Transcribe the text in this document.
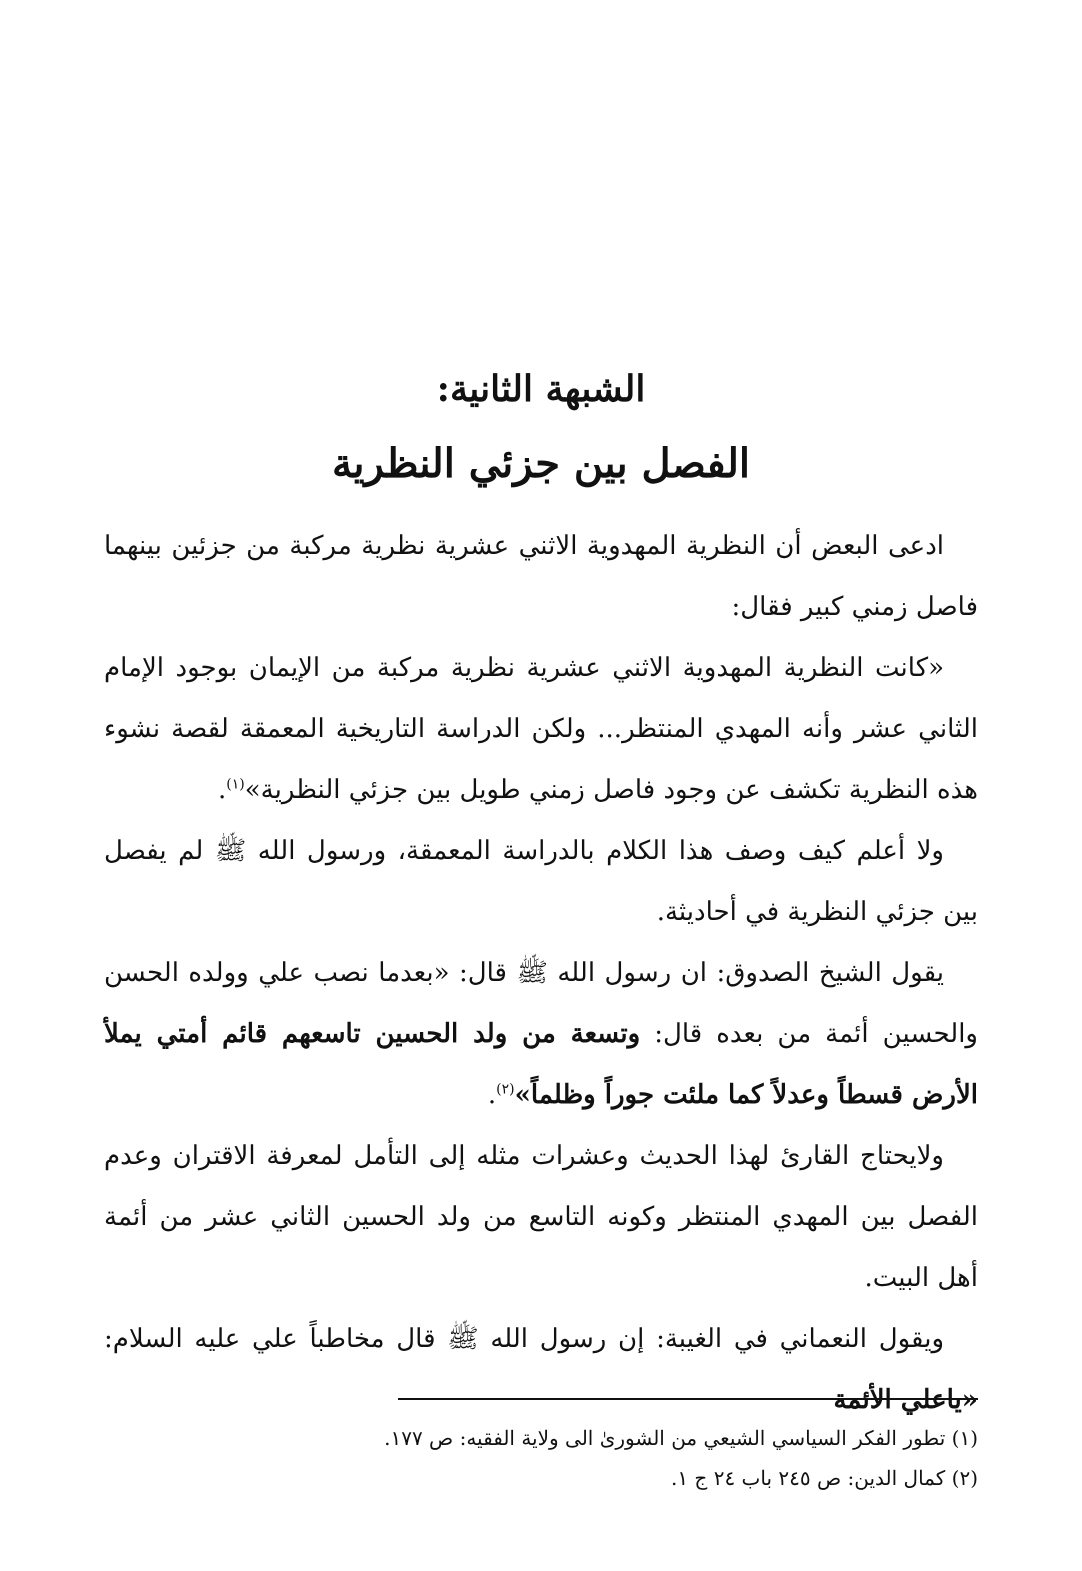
الشبهة الثانية:
الفصل بين جزئي النظرية

ادعى البعض أن النظرية المهدوية الاثني عشرية نظرية مركبة من جزئين بينهما فاصل زمني كبير فقال:

«كانت النظرية المهدوية الاثني عشرية نظرية مركبة من الإيمان بوجود الإمام الثاني عشر وأنه المهدي المنتظر... ولكن الدراسة التاريخية المعمقة لقصة نشوء هذه النظرية تكشف عن وجود فاصل زمني طويل بين جزئي النظرية»$^{(١)}$.

ولا أعلم كيف وصف هذا الكلام بالدراسة المعمقة، ورسول الله ﷺ لم يفصل بين جزئي النظرية في أحاديثة.

يقول الشيخ الصدوق: ان رسول الله ﷺ قال: «بعدما نصب علي وولده الحسن والحسين أئمة من بعده قال: وتسعة من ولد الحسين تاسعهم قائم أمتي يملأ الأرض قسطاً وعدلاً كما ملئت جوراً وظلماً»$^{(٢)}$.

ولايحتاج القارئ لهذا الحديث وعشرات مثله إلى التأمل لمعرفة الاقتران وعدم الفصل بين المهدي المنتظر وكونه التاسع من ولد الحسين الثاني عشر من أئمة أهل البيت.

ويقول النعماني في الغيبة: إن رسول الله ﷺ قال مخاطباً علي عليه السلام: «ياعلي الأئمة

(١) تطور الفكر السياسي الشيعي من الشورىٰ الى ولاية الفقيه: ص ١٧٧.

(٢) كمال الدين: ص ٢٤٥ باب ٢٤ ج ١.
